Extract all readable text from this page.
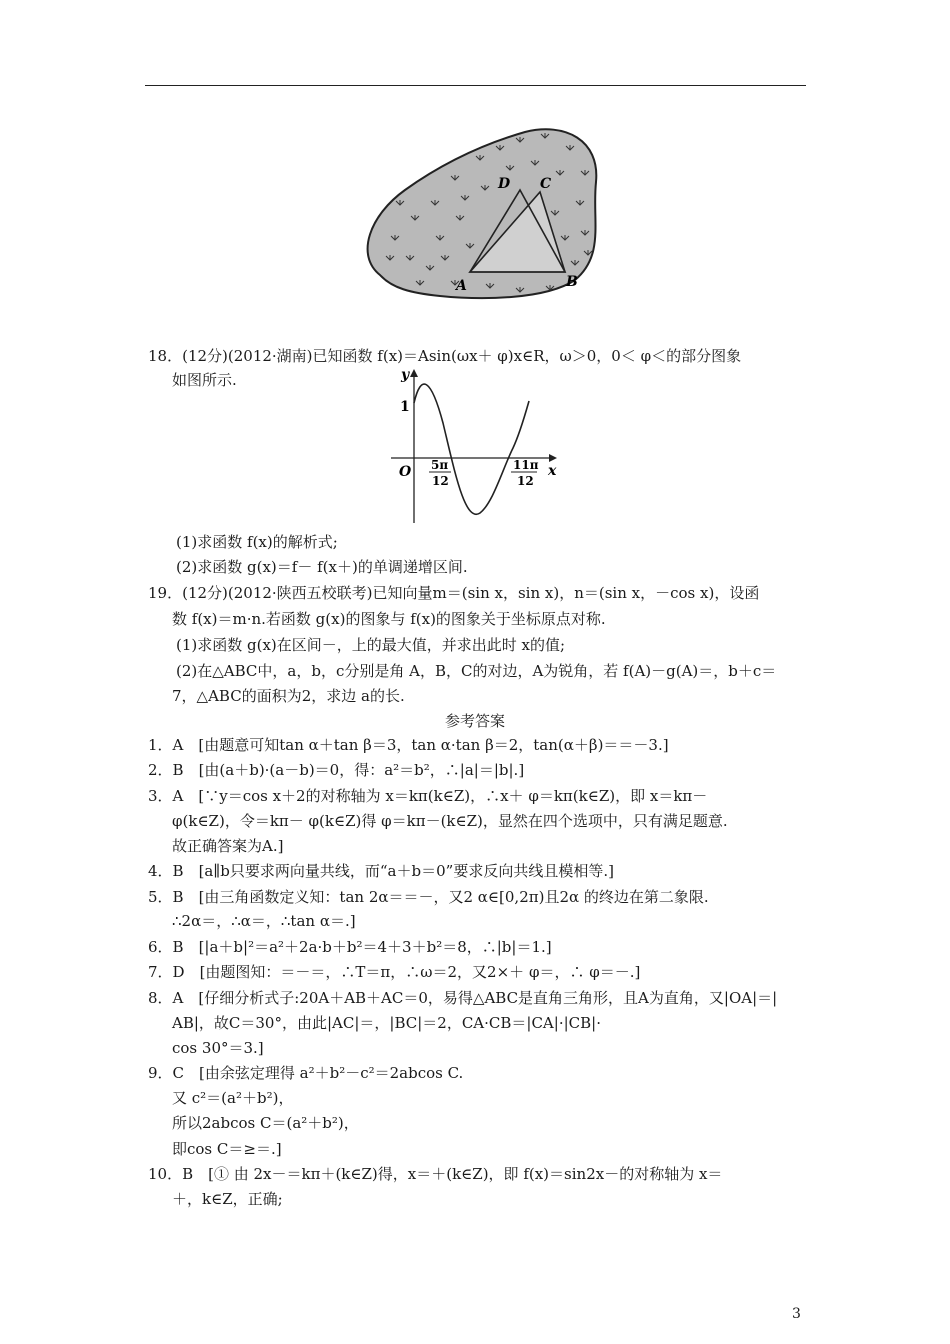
A	B
C
D
18．(12分)(2012·湖南)已知函数 f(x)＝Asin(ωx＋ φ)x∈R，ω＞0，0＜ φ＜的部分图象
如图所示.	y
x
O
1
5π
12
11π
12
(1)求函数 f(x)的解析式;
(2)求函数 g(x)＝f－ f(x＋)的单调递增区间.
19．(12分)(2012·陕西五校联考)已知向量m＝(sin x，sin x)，n＝(sin x，－cos x)，设函
数 f(x)＝m·n.若函数 g(x)的图象与 f(x)的图象关于坐标原点对称.
(1)求函数 g(x)在区间－，上的最大值，并求出此时 x的值;
(2)在△ABC中，a，b，c分别是角 A，B，C的对边，A为锐角，若 f(A)－g(A)＝，b＋c＝
7，△ABC的面积为2，求边 a的长.
参考答案
1．A　[由题意可知tan α＋tan β＝3，tan α·tan β＝2，tan(α＋β)＝＝－3.]
2．B　[由(a＋b)·(a－b)＝0，得：a²＝b²，∴|a|＝|b|.]
3．A　[∵y＝cos x＋2的对称轴为 x＝kπ(k∈Z)，∴x＋ φ＝kπ(k∈Z)，即 x＝kπ－
φ(k∈Z)，令＝kπ－ φ(k∈Z)得 φ＝kπ－(k∈Z)，显然在四个选项中，只有满足题意.
故正确答案为A.]
4．B　[a∥b只要求两向量共线，而“a＋b＝0”要求反向共线且模相等.]
5．B　[由三角函数定义知：tan 2α＝＝－，又2 α∈[0,2π)且2α 的终边在第二象限.
∴2α＝，∴α＝，∴tan α＝.]
6．B　[|a＋b|²＝a²＋2a·b＋b²＝4＋3＋b²＝8，∴|b|＝1.]
7．D　[由题图知：＝－＝，∴T＝π，∴ω＝2，又2×＋ φ＝，∴ φ＝－.]
8．A　[仔细分析式子:20A＋AB＋AC＝0，易得△ABC是直角三角形，且A为直角，又|OA|＝|
AB|，故C＝30°，由此|AC|＝，|BC|＝2，CA·CB＝|CA|·|CB|·
cos 30°＝3.]
9．C　[由余弦定理得 a²＋b²－c²＝2abcos C.
又 c²＝(a²＋b²)，
所以2abcos C＝(a²＋b²)，
即cos C＝≥＝.]
10．B　[① 由 2x－＝kπ＋(k∈Z)得，x＝＋(k∈Z)，即 f(x)＝sin2x－的对称轴为 x＝
＋，k∈Z，正确;
3
